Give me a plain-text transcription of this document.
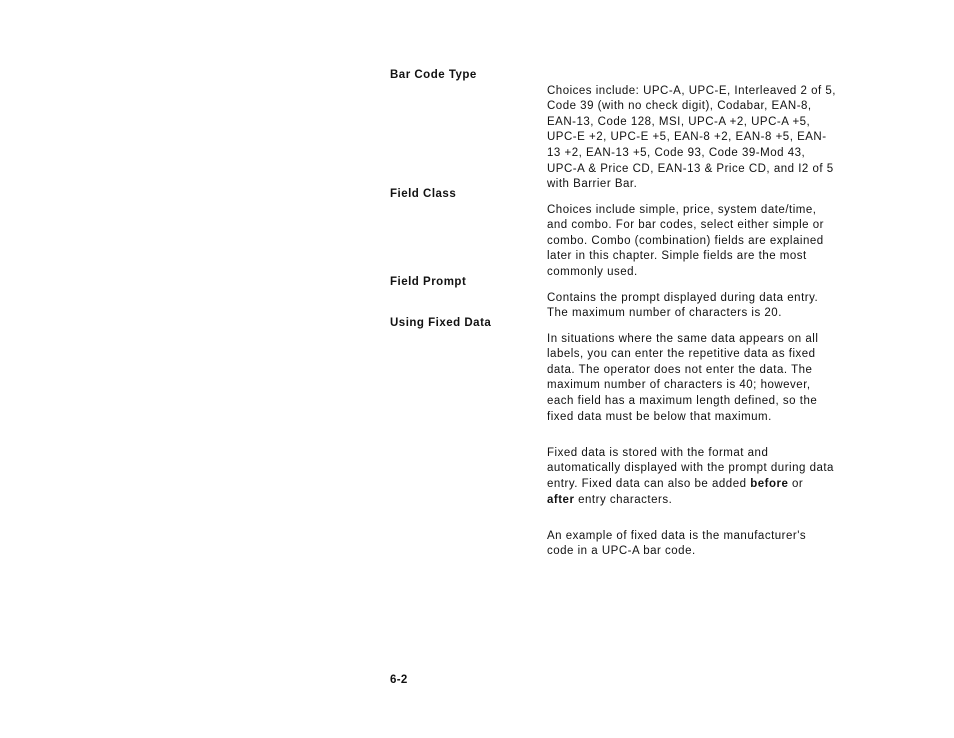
Bar Code Type

Choices include: UPC-A, UPC-E, Interleaved 2 of 5,
Code 39 (with no check digit), Codabar, EAN-8,
EAN-13, Code 128, MSI, UPC-A +2, UPC-A +5,
UPC-E +2, UPC-E +5, EAN-8 +2, EAN-8 +5, EAN-
13 +2, EAN-13 +5, Code 93, Code 39-Mod 43,
UPC-A & Price CD, EAN-13 & Price CD, and I2 of 5
with Barrier Bar.

Field Class

Choices include simple, price, system date/time,
and combo. For bar codes, select either simple or
combo. Combo (combination) fields are explained
later in this chapter. Simple fields are the most
commonly used.

Field Prompt

Contains the prompt displayed during data entry.
The maximum number of characters is 20.

Using Fixed Data

In situations where the same data appears on all
labels, you can enter the repetitive data as fixed
data. The operator does not enter the data. The
maximum number of characters is 40; however,
each field has a maximum length defined, so the
fixed data must be below that maximum.

Fixed data is stored with the format and
automatically displayed with the prompt during data
entry. Fixed data can also be added before or
after entry characters.

An example of fixed data is the manufacturer's
code in a UPC-A bar code.

6-2
